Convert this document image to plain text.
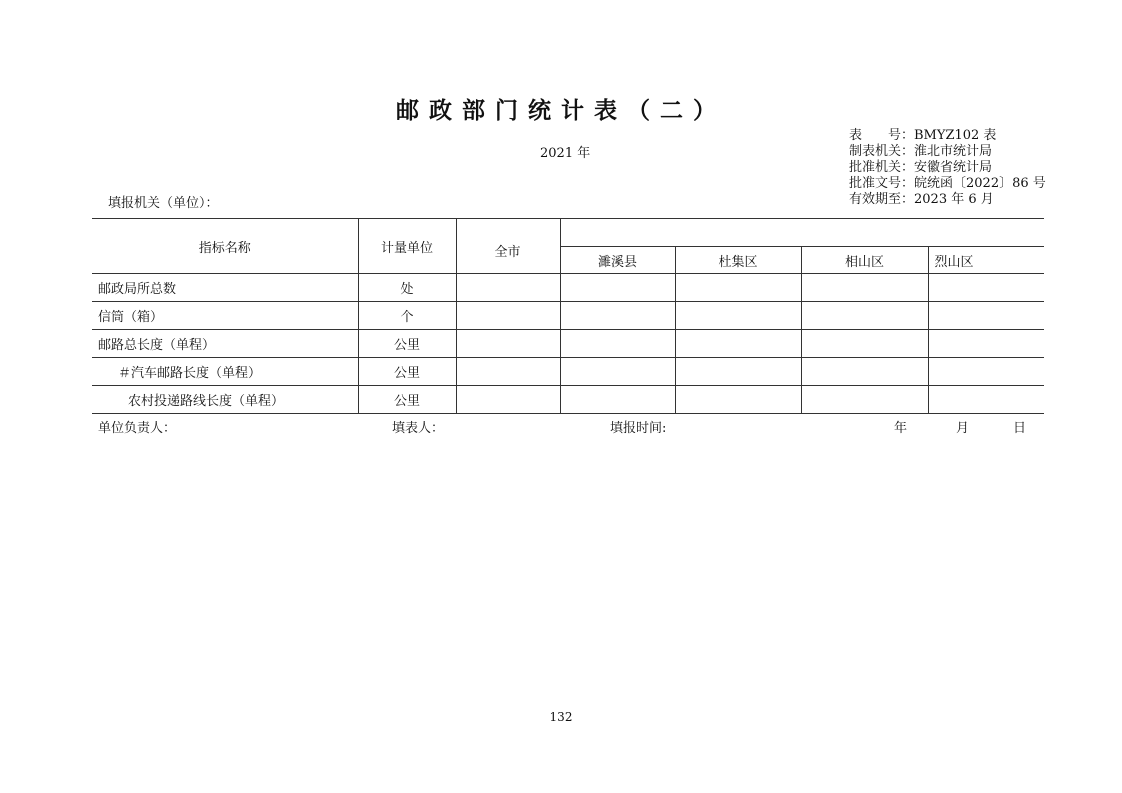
邮政部门统计表（二）
2021 年
表　　号：BMYZ102 表
制表机关：淮北市统计局
批准机关：安徽省统计局
批准文号：皖统函〔2022〕86 号
有效期至：2023 年 6 月
填报机关（单位）：
指标名称	计量单位	全市				
			濉溪县	杜集区	相山区	烈山区
邮政局所总数	处					
信筒（箱）	个					
邮路总长度（单程）	公里					
＃汽车邮路长度（单程）	公里					
农村投递路线长度（单程）	公里					
单位负责人：	填表人：	填报时间:	年	月	日
132
